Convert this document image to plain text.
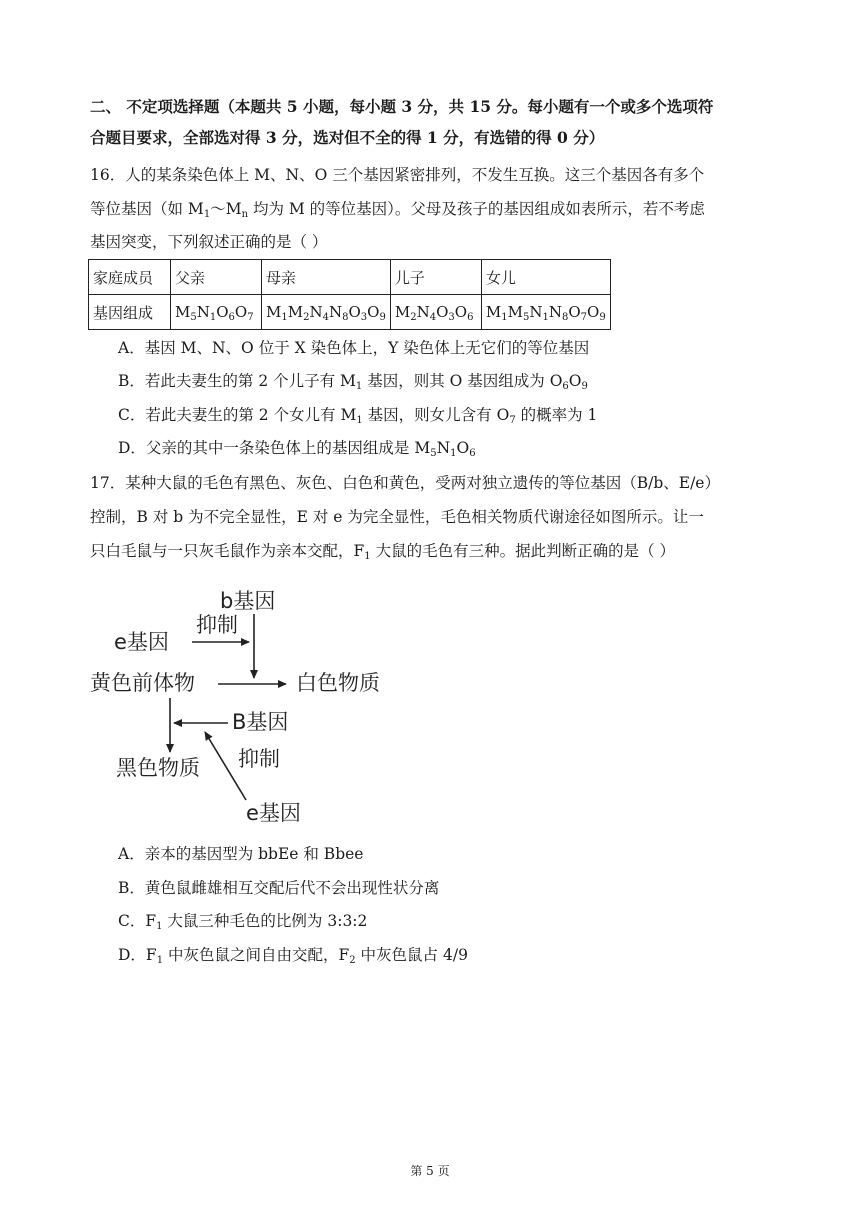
二、 不定项选择题（本题共 5 小题，每小题 3 分，共 15 分。每小题有一个或多个选项符
合题目要求，全部选对得 3 分，选对但不全的得 1 分，有选错的得 0 分）
16．人的某条染色体上 M、N、O 三个基因紧密排列，不发生互换。这三个基因各有多个
等位基因（如 $M_1\sim M_n$ 均为 M 的等位基因）。父母及孩子的基因组成如表所示，若不考虑
基因突变，下列叙述正确的是（ ）
家庭成员	父亲	母亲	儿子	女儿
基因组成	$M_5N_1O_6O_7$	$M_1M_2N_4N_8O_3O_9$	$M_2N_4O_3O_6$	$M_1M_5N_1N_8O_7O_9$
A．基因 M、N、O 位于 X 染色体上，Y 染色体上无它们的等位基因
B．若此夫妻生的第 2 个儿子有 $M_1$ 基因，则其 O 基因组成为 $O_6O_9$
C．若此夫妻生的第 2 个女儿有 $M_1$ 基因，则女儿含有 $O_7$ 的概率为 1
D．父亲的其中一条染色体上的基因组成是 $M_5N_1O_6$
17．某种大鼠的毛色有黑色、灰色、白色和黄色，受两对独立遗传的等位基因（B/b、E/e）
控制，B 对 b 为不完全显性，E 对 e 为完全显性，毛色相关物质代谢途径如图所示。让一
只白毛鼠与一只灰毛鼠作为亲本交配，$F_1$ 大鼠的毛色有三种。据此判断正确的是（ ）
b基因
抑制
e基因
黄色前体物	白色物质
B基因
黑色物质 抑制
e基因
A．亲本的基因型为 bbEe 和 Bbee
B．黄色鼠雌雄相互交配后代不会出现性状分离
C．$F_1$ 大鼠三种毛色的比例为 3:3:2
D．$F_1$ 中灰色鼠之间自由交配，$F_2$ 中灰色鼠占 4/9
第 5 页
